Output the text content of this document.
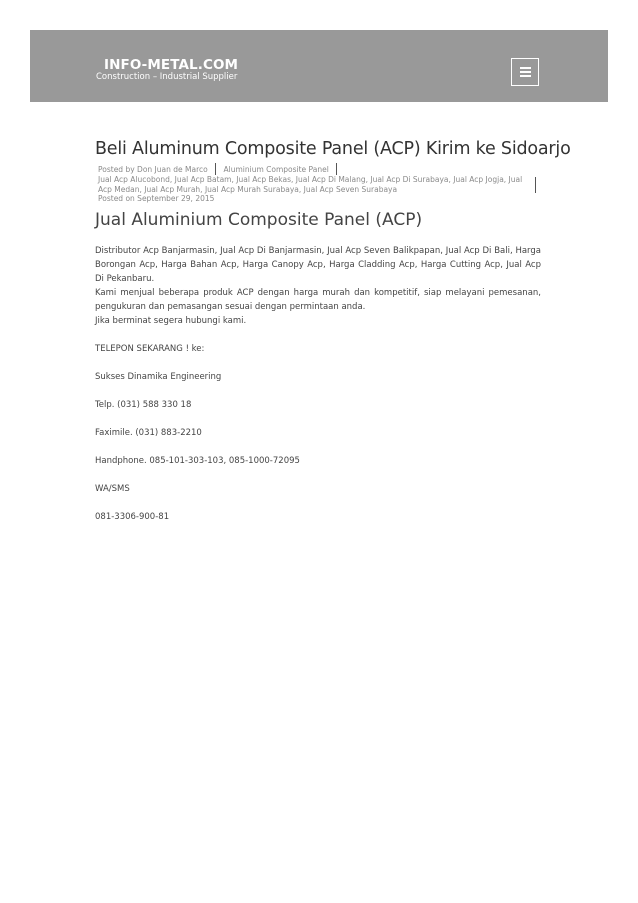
INFO-METAL.COM
Construction – Industrial Supplier
Beli Aluminum Composite Panel (ACP) Kirim ke Sidoarjo
Posted by Don Juan de Marco Aluminium Composite Panel
Jual Acp Alucobond, Jual Acp Batam, Jual Acp Bekas, Jual Acp Di Malang, Jual Acp Di Surabaya, Jual Acp Jogja, Jual Acp Medan, Jual Acp Murah, Jual Acp Murah Surabaya, Jual Acp Seven Surabaya
Posted on September 29, 2015
Jual Aluminium Composite Panel (ACP)

Distributor Acp Banjarmasin, Jual Acp Di Banjarmasin, Jual Acp Seven Balikpapan, Jual Acp Di Bali, Harga Borongan Acp, Harga Bahan Acp, Harga Canopy Acp, Harga Cladding Acp, Harga Cutting Acp, Jual Acp Di Pekanbaru.

Kami menjual beberapa produk ACP dengan harga murah dan kompetitif, siap melayani pemesanan, pengukuran dan pemasangan sesuai dengan permintaan anda.

Jika berminat segera hubungi kami.

TELEPON SEKARANG ! ke:

Sukses Dinamika Engineering

Telp. (031) 588 330 18

Faximile. (031) 883-2210

Handphone. 085-101-303-103, 085-1000-72095

WA/SMS

081-3306-900-81
